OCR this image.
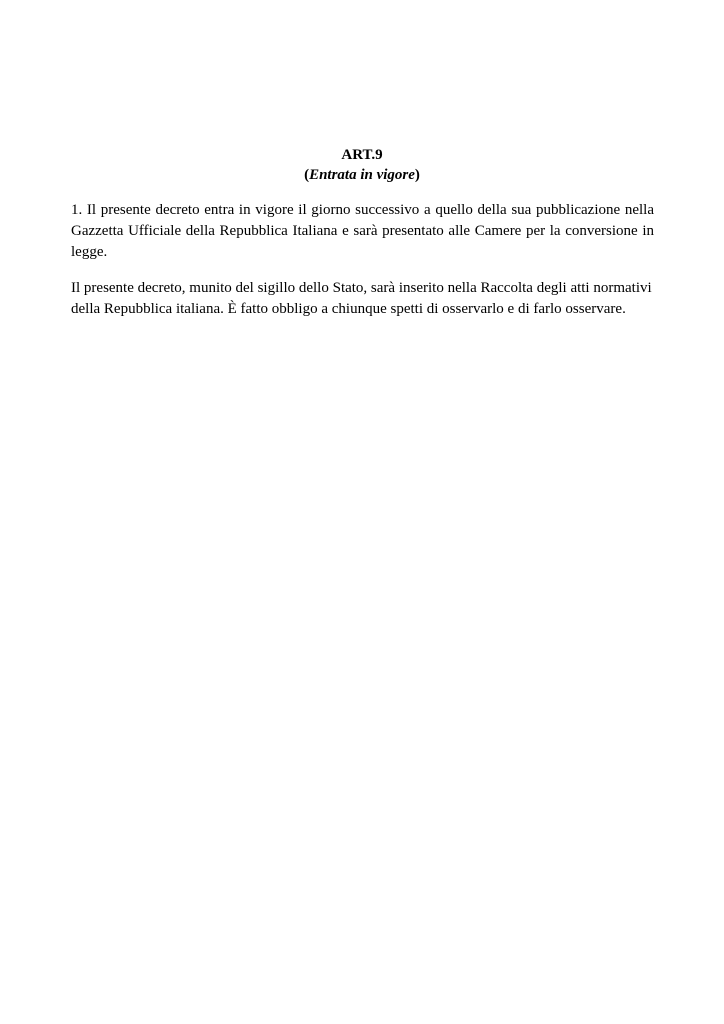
ART.9
(Entrata in vigore)

1. Il presente decreto entra in vigore il giorno successivo a quello della sua pubblicazione nella Gazzetta Ufficiale della Repubblica Italiana e sarà presentato alle Camere per la conversione in legge.

Il presente decreto, munito del sigillo dello Stato, sarà inserito nella Raccolta degli atti normativi della Repubblica italiana. È fatto obbligo a chiunque spetti di osservarlo e di farlo osservare.
